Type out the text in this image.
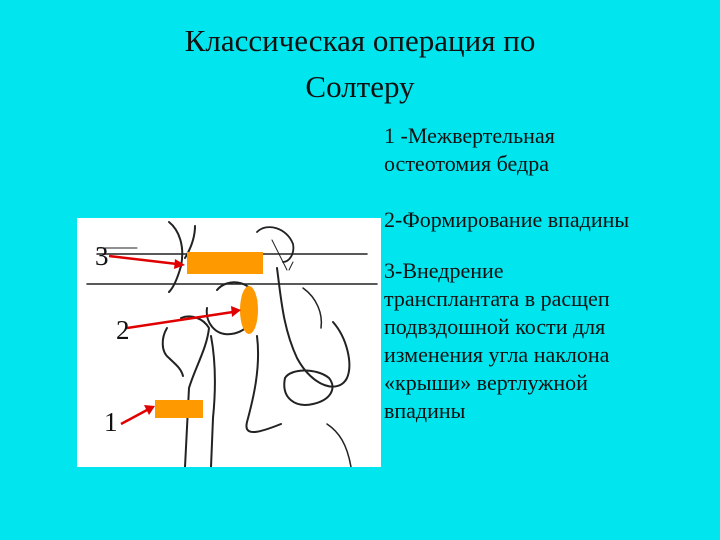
Классическая операция по
Солтеру
1 -Межвертельная
остеотомия бедра
2-Формирование впадины
3-Внедрение
трансплантата в расщеп
подвздошной кости для
изменения угла наклона
«крыши» вертлужной
впадины
3
2
1
